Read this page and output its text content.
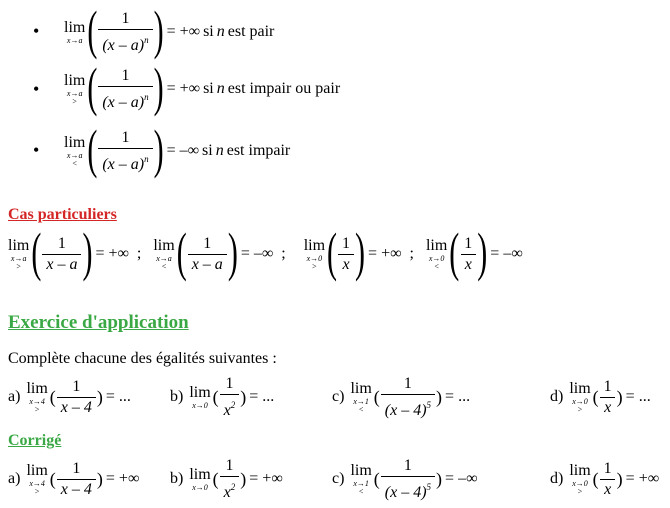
• lim
x→a ( $\frac{1}{(x - a)^n}$ ) = +∞ si n est pair
• lim
x→a
> ( $\frac{1}{(x - a)^n}$ ) = +∞ si n est impair ou pair
• lim
x→a
< ( $\frac{1}{(x - a)^n}$ ) = –∞ si n est impair
Cas particuliers
lim
x→a
> ( $\frac{1}{x - a}$ ) = +∞ ; lim
x→a
< ( $\frac{1}{x - a}$ ) = –∞ ; lim
x→0
> ( $\frac{1}{x}$ ) = +∞ ; lim
x→0
< ( $\frac{1}{x}$ ) = –∞
Exercice d'application
Complète chacune des égalités suivantes :
a) lim
x→4
>
( $\frac{1}{x - 4}$ ) = ... b) lim
x→0 ( $\frac{1}{x^2}$ ) = ...	c) lim
x→1
<
( $\frac{1}{(x - 4)^5}$ ) = ...	d) lim
x→0
>
( $\frac{1}{x}$ ) = ...
Corrigé
a) lim
x→4
>
( $\frac{1}{x - 4}$ ) = +∞ b) lim
x→0 ( $\frac{1}{x^2}$ ) = +∞	c) lim
x→1
<
( $\frac{1}{(x - 4)^5}$ ) = –∞	d) lim
x→0
>
( $\frac{1}{x}$ ) = +∞
